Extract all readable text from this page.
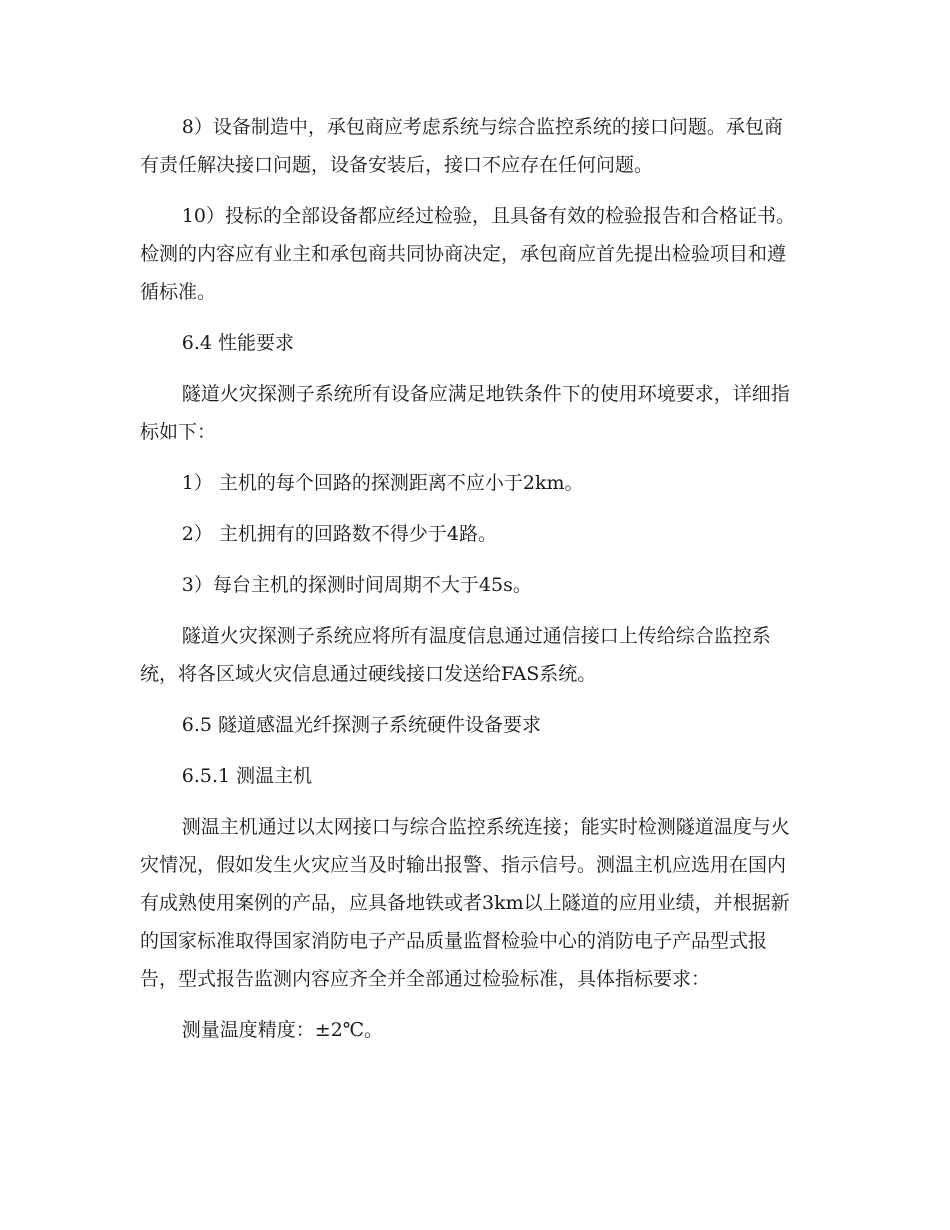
8）设备制造中，承包商应考虑系统与综合监控系统的接口问题。承包商有责任解决接口问题，设备安装后，接口不应存在任何问题。

10）投标的全部设备都应经过检验，且具备有效的检验报告和合格证书。检测的内容应有业主和承包商共同协商决定，承包商应首先提出检验项目和遵循标准。

6.4 性能要求

隧道火灾探测子系统所有设备应满足地铁条件下的使用环境要求，详细指标如下：

1） 主机的每个回路的探测距离不应小于2km。

2） 主机拥有的回路数不得少于4路。

3）每台主机的探测时间周期不大于45s。

隧道火灾探测子系统应将所有温度信息通过通信接口上传给综合监控系统，将各区域火灾信息通过硬线接口发送给FAS系统。

6.5 隧道感温光纤探测子系统硬件设备要求

6.5.1 测温主机

测温主机通过以太网接口与综合监控系统连接；能实时检测隧道温度与火灾情况，假如发生火灾应当及时输出报警、指示信号。测温主机应选用在国内有成熟使用案例的产品，应具备地铁或者3km以上隧道的应用业绩，并根据新的国家标准取得国家消防电子产品质量监督检验中心的消防电子产品型式报告，型式报告监测内容应齐全并全部通过检验标准，具体指标要求：

测量温度精度：±2℃。
